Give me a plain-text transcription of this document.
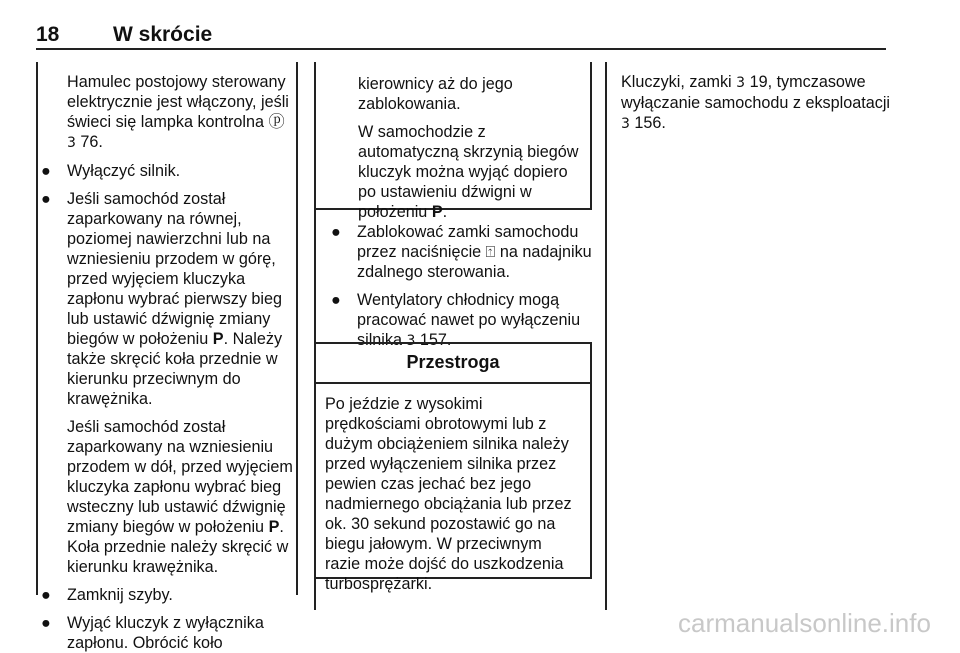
18	W skrócie

Hamulec postojowy sterowany

elektrycznie jest włączony, jeśli

świeci się lampka kontrolna ⓟ

3 76.

● Wyłączyć silnik.

● Jeśli samochód został

zaparkowany na równej,

poziomej nawierzchni lub na

wzniesieniu przodem w górę,

przed wyjęciem kluczyka

zapłonu wybrać pierwszy bieg

lub ustawić dźwignię zmiany

biegów w położeniu P. Należy

także skręcić koła przednie w

kierunku przeciwnym do

krawężnika.

Jeśli samochód został

zaparkowany na wzniesieniu

przodem w dół, przed wyjęciem

kluczyka zapłonu wybrać bieg

wsteczny lub ustawić dźwignię

zmiany biegów w położeniu P.

Koła przednie należy skręcić w

kierunku krawężnika.

● Zamknij szyby.

● Wyjąć kluczyk z wyłącznika

zapłonu. Obrócić koło

kierownicy aż do jego

zablokowania.

W samochodzie z

automatyczną skrzynią biegów

kluczyk można wyjąć dopiero

po ustawieniu dźwigni w

położeniu P.

● Zablokować zamki samochodu

przez naciśnięcie ⍐ na nadajniku

zdalnego sterowania.

● Wentylatory chłodnicy mogą

pracować nawet po wyłączeniu

silnika 3 157.

Przestroga

Po jeździe z wysokimi

prędkościami obrotowymi lub z

dużym obciążeniem silnika należy

przed wyłączeniem silnika przez

pewien czas jechać bez jego

nadmiernego obciążania lub przez

ok. 30 sekund pozostawić go na

biegu jałowym. W przeciwnym

razie może dojść do uszkodzenia

turbosprężarki.

Kluczyki, zamki 3 19, tymczasowe

wyłączanie samochodu z eksploatacji

3 156.

carmanualsonline.info
